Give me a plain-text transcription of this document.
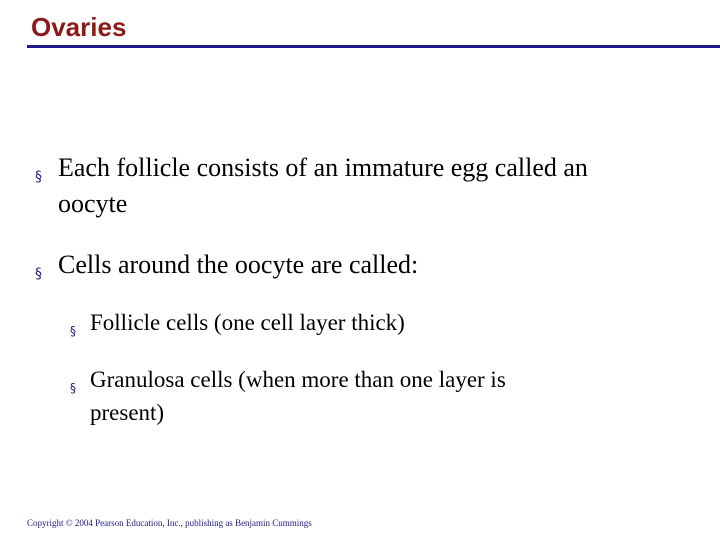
Ovaries
§ Each follicle consists of an immature egg called an
oocyte
§ Cells around the oocyte are called:
§ Follicle cells (one cell layer thick)
§ Granulosa cells (when more than one layer is
present)
Copyright © 2004 Pearson Education, Inc., publishing as Benjamin Cummings
